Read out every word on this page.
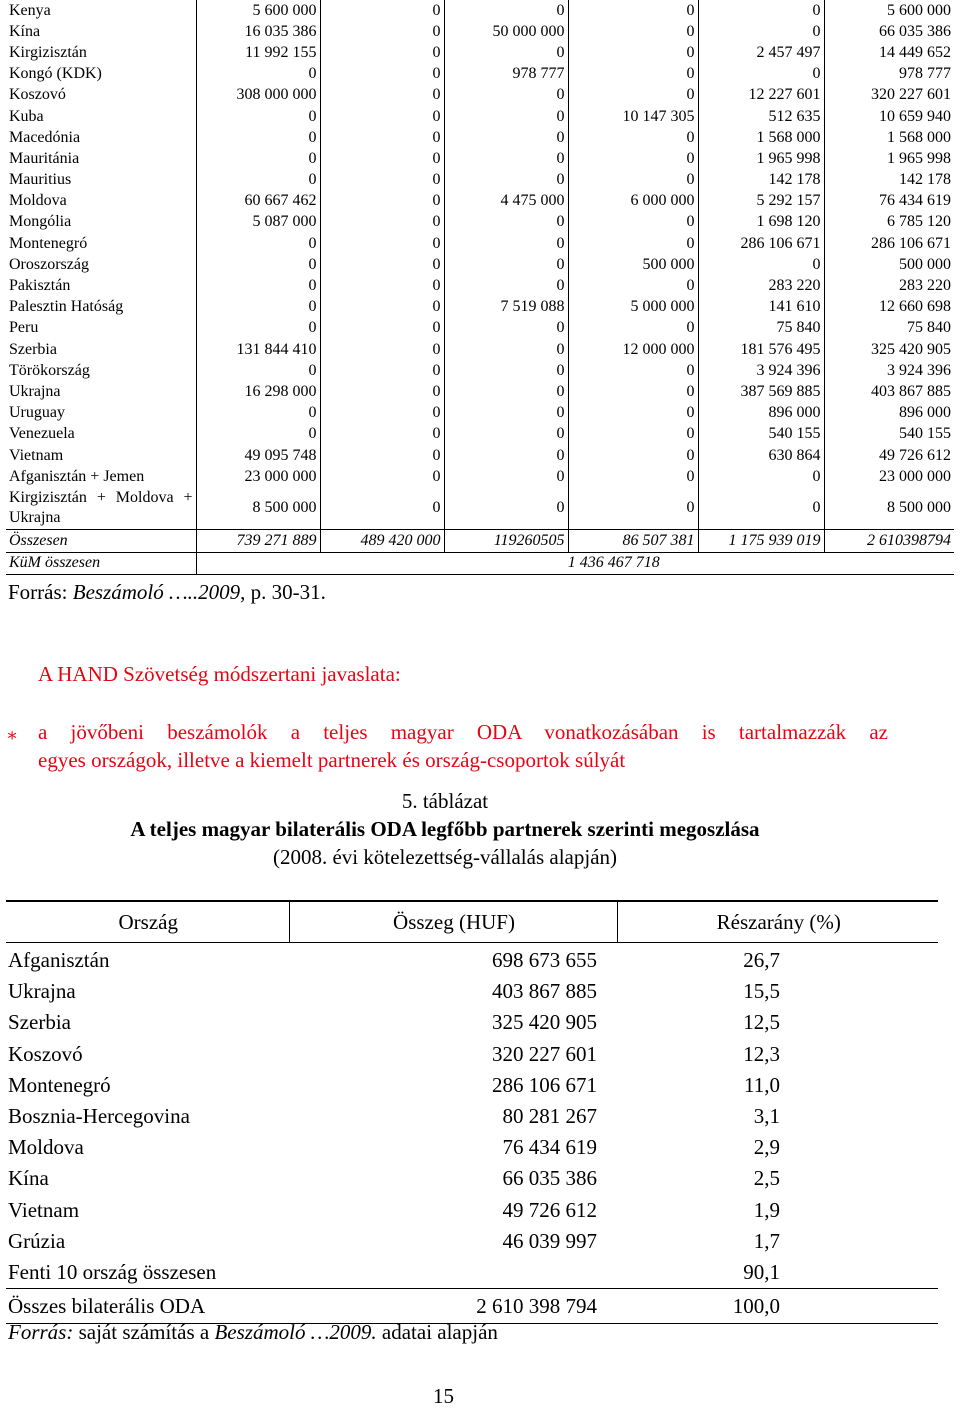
Kenya	5 600 000	0	0	0	0	5 600 000
Kína	16 035 386	0	50 000 000	0	0	66 035 386
Kirgizisztán	11 992 155	0	0	0	2 457 497	14 449 652
Kongó (KDK)	0	0	978 777	0	0	978 777
Koszovó	308 000 000	0	0	0	12 227 601	320 227 601
Kuba	0	0	0	10 147 305	512 635	10 659 940
Macedónia	0	0	0	0	1 568 000	1 568 000
Mauritánia	0	0	0	0	1 965 998	1 965 998
Mauritius	0	0	0	0	142 178	142 178
Moldova	60 667 462	0	4 475 000	6 000 000	5 292 157	76 434 619
Mongólia	5 087 000	0	0	0	1 698 120	6 785 120
Montenegró	0	0	0	0	286 106 671	286 106 671
Oroszország	0	0	0	500 000	0	500 000
Pakisztán	0	0	0	0	283 220	283 220
Palesztin Hatóság	0	0	7 519 088	5 000 000	141 610	12 660 698
Peru	0	0	0	0	75 840	75 840
Szerbia	131 844 410	0	0	12 000 000	181 576 495	325 420 905
Törökország	0	0	0	0	3 924 396	3 924 396
Ukrajna	16 298 000	0	0	0	387 569 885	403 867 885
Uruguay	0	0	0	0	896 000	896 000
Venezuela	0	0	0	0	540 155	540 155
Vietnam	49 095 748	0	0	0	630 864	49 726 612
Afganisztán + Jemen	23 000 000	0	0	0	0	23 000 000
Kirgizisztán + Moldova + Ukrajna	8 500 000	0	0	0	0	8 500 000
Összesen	739 271 889	489 420 000	119260505	86 507 381	1 175 939 019	2 610398794
KüM összesen	1 436 467 718					
Forrás: Beszámoló …..2009, p. 30-31.
A HAND Szövetség módszertani javaslata:
∗ a jövőbeni beszámolók a teljes magyar ODA vonatkozásában is tartalmazzák az
egyes országok, illetve a kiemelt partnerek és ország-csoportok súlyát
5. táblázat
A teljes magyar bilaterális ODA legfőbb partnerek szerinti megoszlása
(2008. évi kötelezettség-vállalás alapján)
Ország	Összeg (HUF)	Részarány (%)
Afganisztán	698 673 655	26,7
Ukrajna	403 867 885	15,5
Szerbia	325 420 905	12,5
Koszovó	320 227 601	12,3
Montenegró	286 106 671	11,0
Bosznia-Hercegovina	80 281 267	3,1
Moldova	76 434 619	2,9
Kína	66 035 386	2,5
Vietnam	49 726 612	1,9
Grúzia	46 039 997	1,7
Fenti 10 ország összesen		90,1
Összes bilaterális ODA	2 610 398 794	100,0
Forrás: saját számítás a Beszámoló …2009. adatai alapján
15
